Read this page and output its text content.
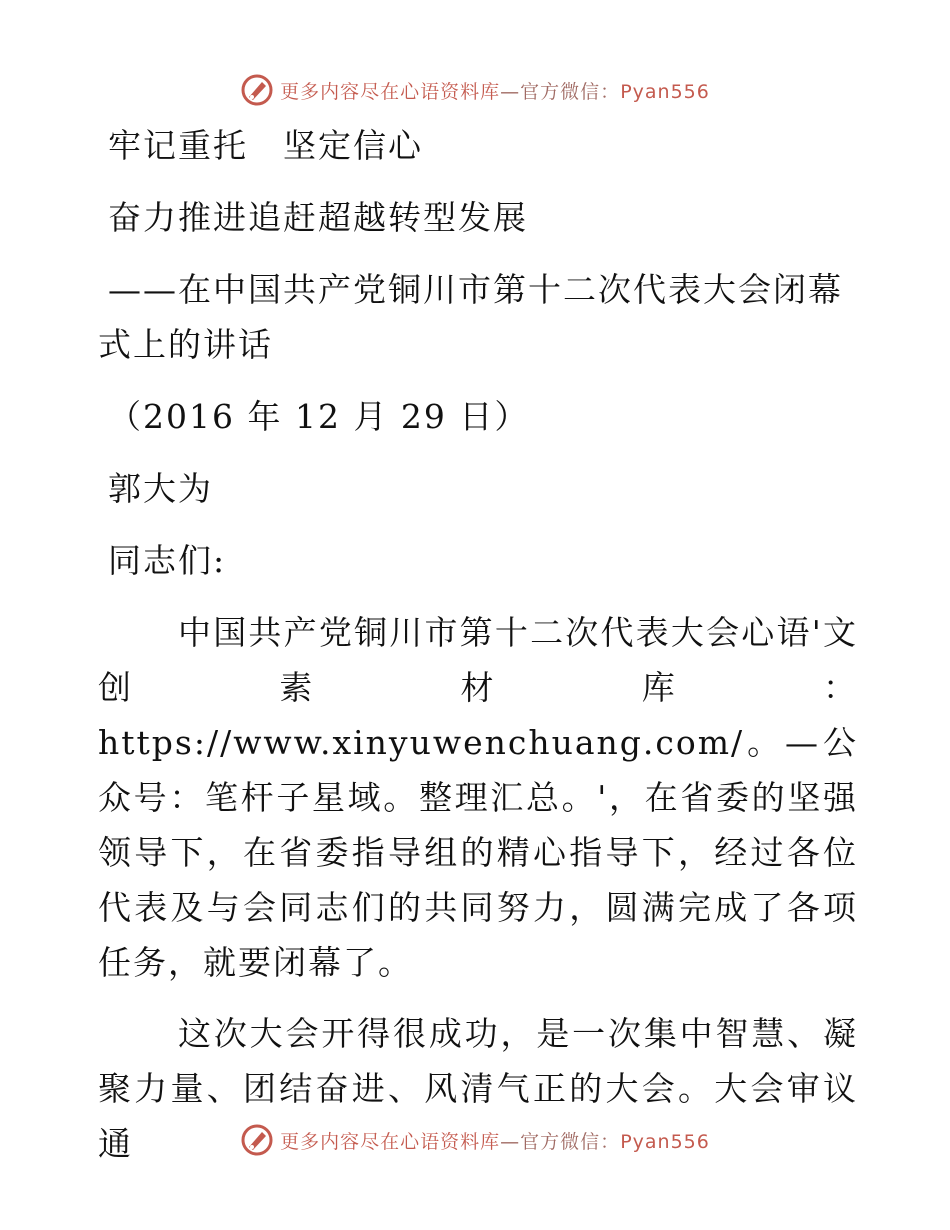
更多内容尽在心语资料库—官方微信：Pyan556
牢记重托　坚定信心
奋力推进追赶超越转型发展
——在中国共产党铜川市第十二次代表大会闭幕
式上的讲话
（2016 年 12 月 29 日）
郭大为
同志们:
中国共产党铜川市第十二次代表大会心语'文创素材库：https://www.xinyuwenchuang.com/。—公众号：笔杆子星域。整理汇总。'，在省委的坚强领导下，在省委指导组的精心指导下，经过各位代表及与会同志们的共同努力，圆满完成了各项任务，就要闭幕了。
这次大会开得很成功，是一次集中智慧、凝聚力量、团结奋进、风清气正的大会。大会审议通	更多内容尽在心语资料库—官方微信：Pyan556
